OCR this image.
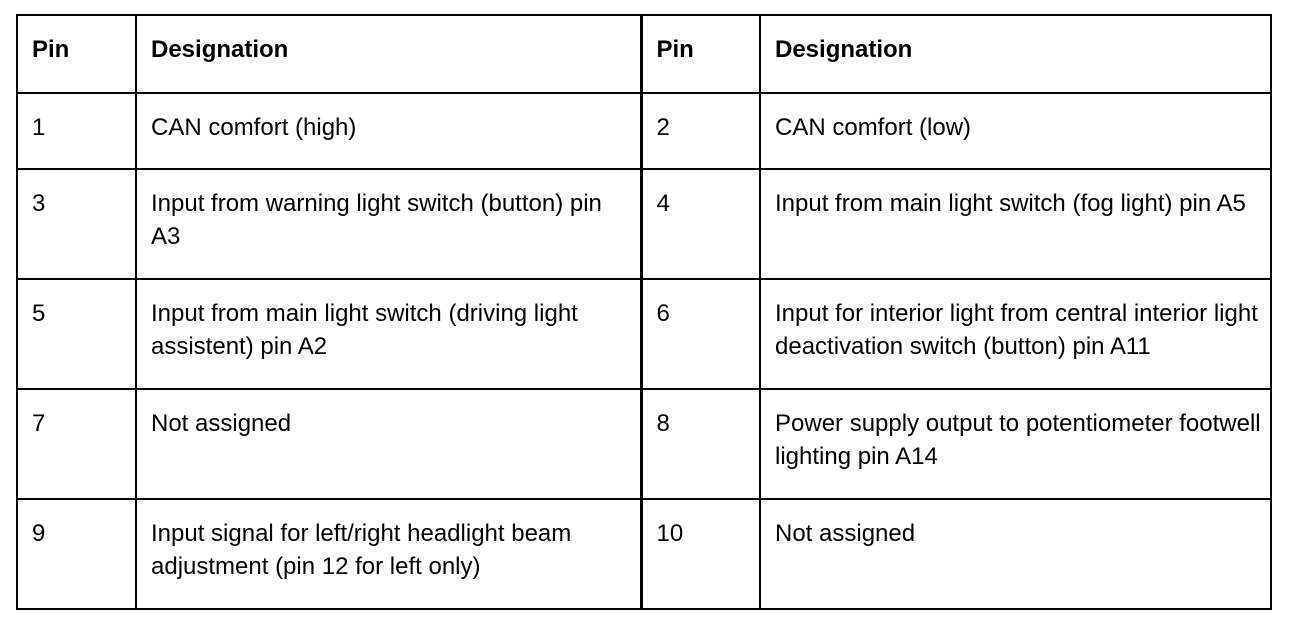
Pin	Designation	Pin	Designation
1	CAN comfort (high)	2	CAN comfort (low)
3	Input from warning light switch (button) pin A3	4	Input from main light switch (fog light) pin A5
5	Input from main light switch (driving light assistent) pin A2	6	Input for interior light from central interior light deactivation switch (button) pin A11
7	Not assigned	8	Power supply output to potentiometer footwell lighting pin A14
9	Input signal for left/right headlight beam adjustment (pin 12 for left only)	10	Not assigned
